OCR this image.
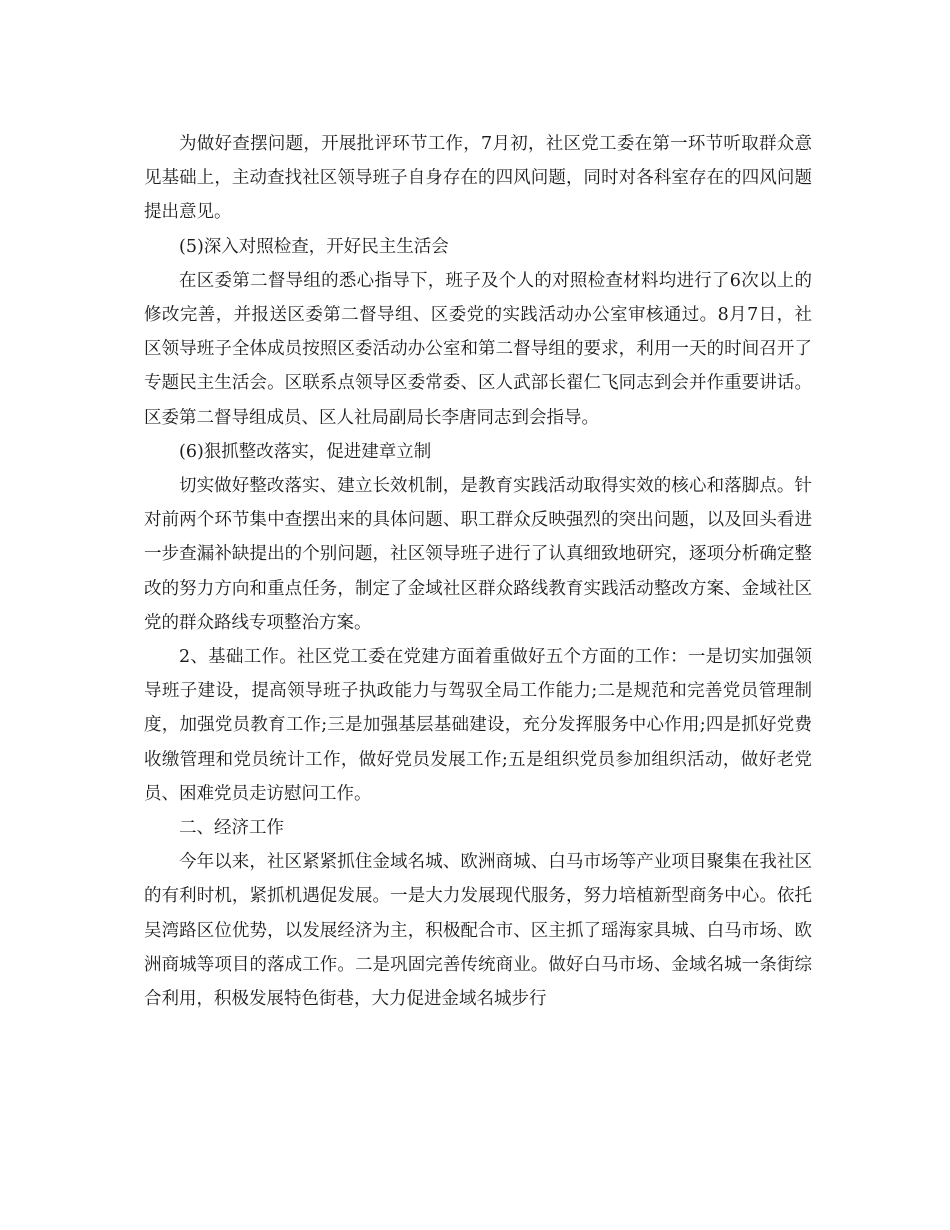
为做好查摆问题，开展批评环节工作，7月初，社区党工委在第一环节听取群众意见基础上，主动查找社区领导班子自身存在的四风问题，同时对各科室存在的四风问题提出意见。

(5)深入对照检查，开好民主生活会

在区委第二督导组的悉心指导下，班子及个人的对照检查材料均进行了6次以上的修改完善，并报送区委第二督导组、区委党的实践活动办公室审核通过。8月7日，社区领导班子全体成员按照区委活动办公室和第二督导组的要求，利用一天的时间召开了专题民主生活会。区联系点领导区委常委、区人武部长翟仁飞同志到会并作重要讲话。区委第二督导组成员、区人社局副局长李唐同志到会指导。

(6)狠抓整改落实，促进建章立制

切实做好整改落实、建立长效机制，是教育实践活动取得实效的核心和落脚点。针对前两个环节集中查摆出来的具体问题、职工群众反映强烈的突出问题，以及回头看进一步查漏补缺提出的个别问题，社区领导班子进行了认真细致地研究，逐项分析确定整改的努力方向和重点任务，制定了金域社区群众路线教育实践活动整改方案、金域社区党的群众路线专项整治方案。

2、基础工作。社区党工委在党建方面着重做好五个方面的工作：一是切实加强领导班子建设，提高领导班子执政能力与驾驭全局工作能力;二是规范和完善党员管理制度，加强党员教育工作;三是加强基层基础建设，充分发挥服务中心作用;四是抓好党费收缴管理和党员统计工作，做好党员发展工作;五是组织党员参加组织活动，做好老党员、困难党员走访慰问工作。

二、经济工作

今年以来，社区紧紧抓住金域名城、欧洲商城、白马市场等产业项目聚集在我社区的有利时机，紧抓机遇促发展。一是大力发展现代服务，努力培植新型商务中心。依托吴湾路区位优势，以发展经济为主，积极配合市、区主抓了瑶海家具城、白马市场、欧洲商城等项目的落成工作。二是巩固完善传统商业。做好白马市场、金域名城一条街综合利用，积极发展特色街巷，大力促进金域名城步行
